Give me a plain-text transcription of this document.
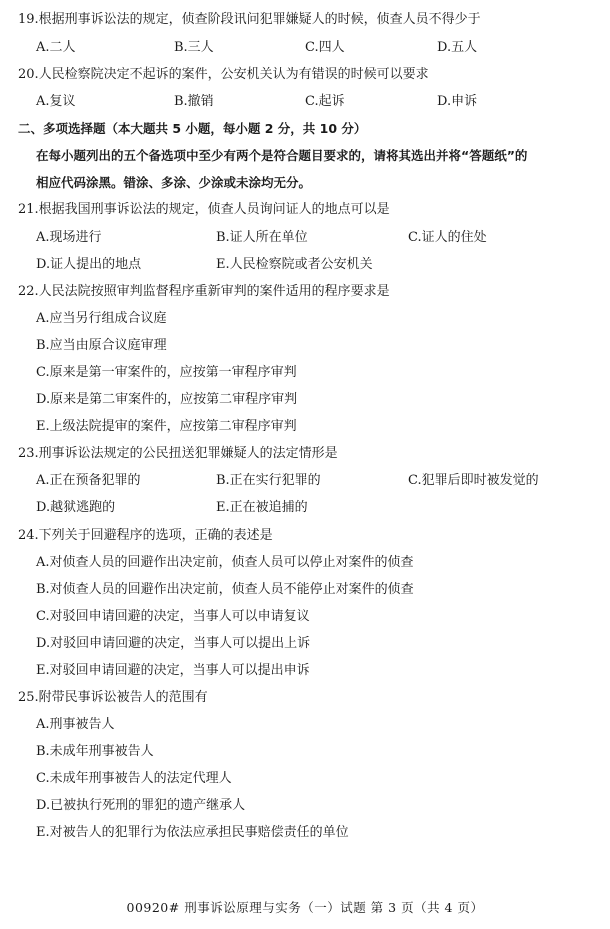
19.根据刑事诉讼法的规定，侦查阶段讯问犯罪嫌疑人的时候，侦查人员不得少于
A.二人	B.三人	C.四人	D.五人
20.人民检察院决定不起诉的案件，公安机关认为有错误的时候可以要求
A.复议	B.撤销	C.起诉	D.申诉
二、多项选择题（本大题共 5 小题，每小题 2 分，共 10 分）
在每小题列出的五个备选项中至少有两个是符合题目要求的，请将其选出并将“答题纸”的
相应代码涂黑。错涂、多涂、少涂或未涂均无分。
21.根据我国刑事诉讼法的规定，侦查人员询问证人的地点可以是
A.现场进行	B.证人所在单位	C.证人的住处
D.证人提出的地点	E.人民检察院或者公安机关
22.人民法院按照审判监督程序重新审判的案件适用的程序要求是
A.应当另行组成合议庭
B.应当由原合议庭审理
C.原来是第一审案件的，应按第一审程序审判
D.原来是第二审案件的，应按第二审程序审判
E.上级法院提审的案件，应按第二审程序审判
23.刑事诉讼法规定的公民扭送犯罪嫌疑人的法定情形是
A.正在预备犯罪的	B.正在实行犯罪的	C.犯罪后即时被发觉的
D.越狱逃跑的	E.正在被追捕的
24.下列关于回避程序的选项，正确的表述是
A.对侦查人员的回避作出决定前，侦查人员可以停止对案件的侦查
B.对侦查人员的回避作出决定前，侦查人员不能停止对案件的侦查
C.对驳回申请回避的决定，当事人可以申请复议
D.对驳回申请回避的决定，当事人可以提出上诉
E.对驳回申请回避的决定，当事人可以提出申诉
25.附带民事诉讼被告人的范围有
A.刑事被告人
B.未成年刑事被告人
C.未成年刑事被告人的法定代理人
D.已被执行死刑的罪犯的遗产继承人
E.对被告人的犯罪行为依法应承担民事赔偿责任的单位
00920# 刑事诉讼原理与实务（一）试题 第 3 页（共 4 页）
